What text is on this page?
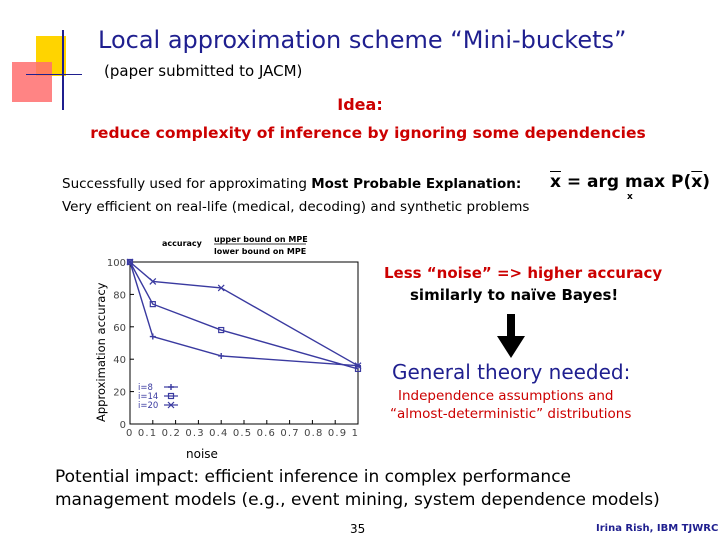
Local approximation scheme “Mini-buckets”
(paper submitted to JACM)
Idea:
reduce complexity of inference by ignoring some dependencies
Successfully used for approximating Most Probable Explanation:
Very efficient on real-life (medical, decoding) and synthetic problems
$\overline{x}$ = arg $\max P(\overline{x})$
x
0
20
40
60
80
100
0 0.1 0.2 0.3 0.4 0.5 0.6 0.7 0.8 0.9 1
accuracy upper bound on MPE
lower bound on MPE
i=8
i=14
i=20
Approximation accuracy
noise
Less “noise” => higher accuracy
similarly to naïve Bayes!
General theory needed:
Independence assumptions and
“almost-deterministic” distributions
Potential impact: efficient inference in complex performance
management models (e.g., event mining, system dependence models)
35	Irina Rish, IBM TJWRC
